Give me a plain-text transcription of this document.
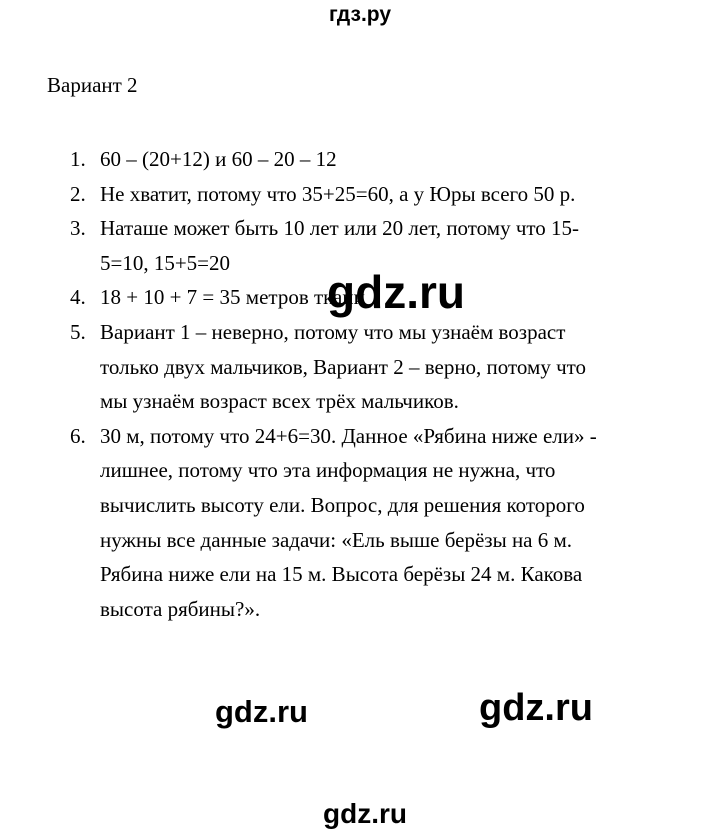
гдз.ру
Вариант 2
1. 60 – (20+12) и 60 – 20 – 12
2. Не хватит, потому что 35+25=60, а у Юры всего 50 р.
3. Наташе может быть 10 лет или 20 лет, потому что 15-5=10, 15+5=20
4. 18 + 10 + 7 = 35 метров ткани
5. Вариант 1 – неверно, потому что мы узнаём возраст только двух мальчиков, Вариант 2 – верно, потому что мы узнаём возраст всех трёх мальчиков.
6. 30 м, потому что 24+6=30. Данное «Рябина ниже ели» - лишнее, потому что эта информация не нужна, что вычислить высоту ели. Вопрос, для решения которого нужны все данные задачи: «Ель выше берёзы на 6 м. Рябина ниже ели на 15 м. Высота берёзы 24 м. Какова высота рябины?».
gdz.ru
gdz.ru	gdz.ru
gdz.ru
